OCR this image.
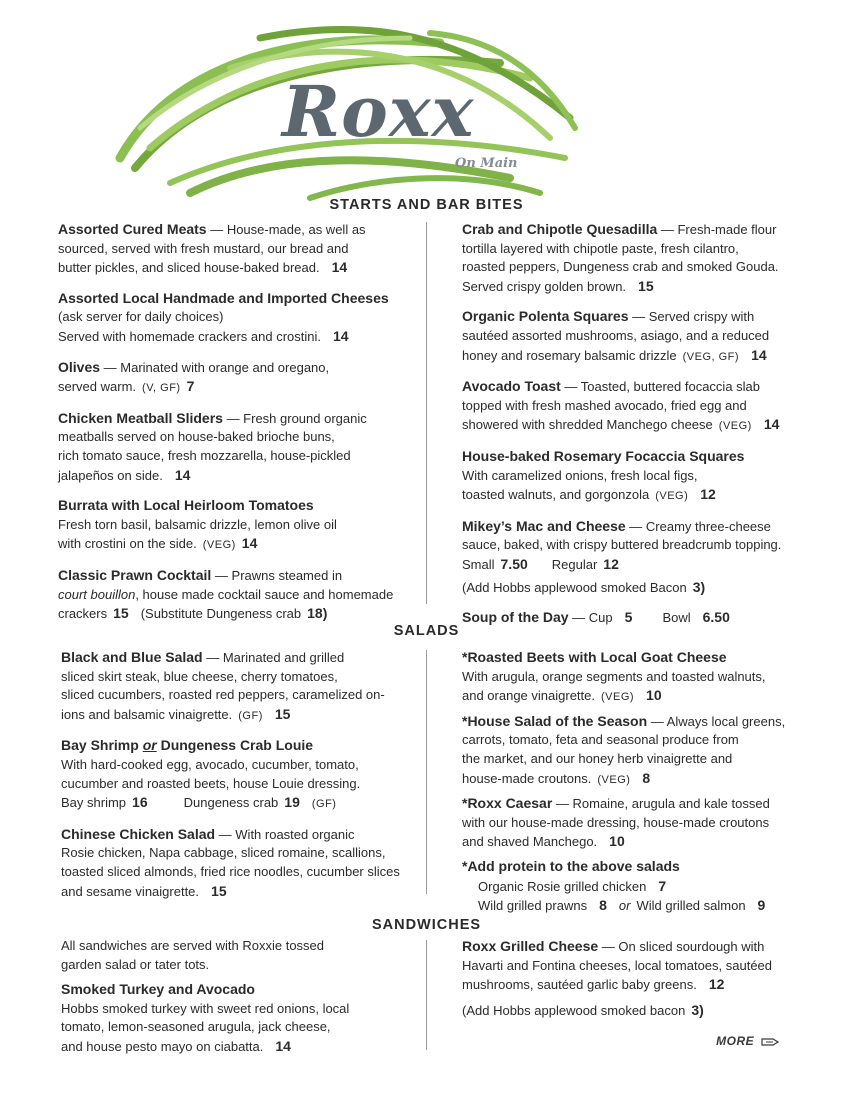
Roxx
On Main
STARTS AND BAR BITES
SALADS
SANDWICHES
Assorted Cured Meats — House-made, as well as
sourced, served with fresh mustard, our bread and
butter pickles, and sliced house-baked bread. 14
Assorted Local Handmade and Imported Cheeses
(ask server for daily choices)
Served with homemade crackers and crostini. 14
Olives — Marinated with orange and oregano,
served warm. (V, GF) 7
Chicken Meatball Sliders — Fresh ground organic
meatballs served on house-baked brioche buns,
rich tomato sauce, fresh mozzarella, house-pickled
jalapeños on side. 14
Burrata with Local Heirloom Tomatoes
Fresh torn basil, balsamic drizzle, lemon olive oil
with crostini on the side. (VEG) 14
Classic Prawn Cocktail — Prawns steamed in
court bouillon, house made cocktail sauce and homemade
crackers 15 (Substitute Dungeness crab 18)
Crab and Chipotle Quesadilla — Fresh-made flour
tortilla layered with chipotle paste, fresh cilantro,
roasted peppers, Dungeness crab and smoked Gouda.
Served crispy golden brown. 15
Organic Polenta Squares — Served crispy with
sautéed assorted mushrooms, asiago, and a reduced
honey and rosemary balsamic drizzle (VEG, GF) 14
Avocado Toast — Toasted, buttered focaccia slab
topped with fresh mashed avocado, fried egg and
showered with shredded Manchego cheese (VEG) 14
House-baked Rosemary Focaccia Squares
With caramelized onions, fresh local figs,
toasted walnuts, and gorgonzola (VEG) 12
Mikey’s Mac and Cheese — Creamy three-cheese
sauce, baked, with crispy buttered breadcrumb topping.
Small 7.50 Regular 12

(Add Hobbs applewood smoked Bacon 3)
Soup of the Day — Cup 5 Bowl 6.50
Black and Blue Salad — Marinated and grilled
sliced skirt steak, blue cheese, cherry tomatoes,
sliced cucumbers, roasted red peppers, caramelized on-
ions and balsamic vinaigrette. (GF) 15
Bay Shrimp or Dungeness Crab Louie
With hard-cooked egg, avocado, cucumber, tomato,
cucumber and roasted beets, house Louie dressing.
Bay shrimp 16	Dungeness crab 19 (GF)
Chinese Chicken Salad — With roasted organic
Rosie chicken, Napa cabbage, sliced romaine, scallions,
toasted sliced almonds, fried rice noodles, cucumber slices
and sesame vinaigrette. 15
*Roasted Beets with Local Goat Cheese
With arugula, orange segments and toasted walnuts,
and orange vinaigrette. (VEG) 10
*House Salad of the Season — Always local greens,
carrots, tomato, feta and seasonal produce from
the market, and our honey herb vinaigrette and
house-made croutons. (VEG) 8
*Roxx Caesar — Romaine, arugula and kale tossed
with our house-made dressing, house-made croutons
and shaved Manchego. 10
*Add protein to the above salads
Organic Rosie grilled chicken 7
Wild grilled prawns 8 or Wild grilled salmon 9
All sandwiches are served with Roxxie tossed
garden salad or tater tots.
Smoked Turkey and Avocado
Hobbs smoked turkey with sweet red onions, local
tomato, lemon-seasoned arugula, jack cheese,
and house pesto mayo on ciabatta. 14
Roxx Grilled Cheese — On sliced sourdough with
Havarti and Fontina cheeses, local tomatoes, sautéed
mushrooms, sautéed garlic baby greens. 12
(Add Hobbs applewood smoked bacon 3)
MORE
